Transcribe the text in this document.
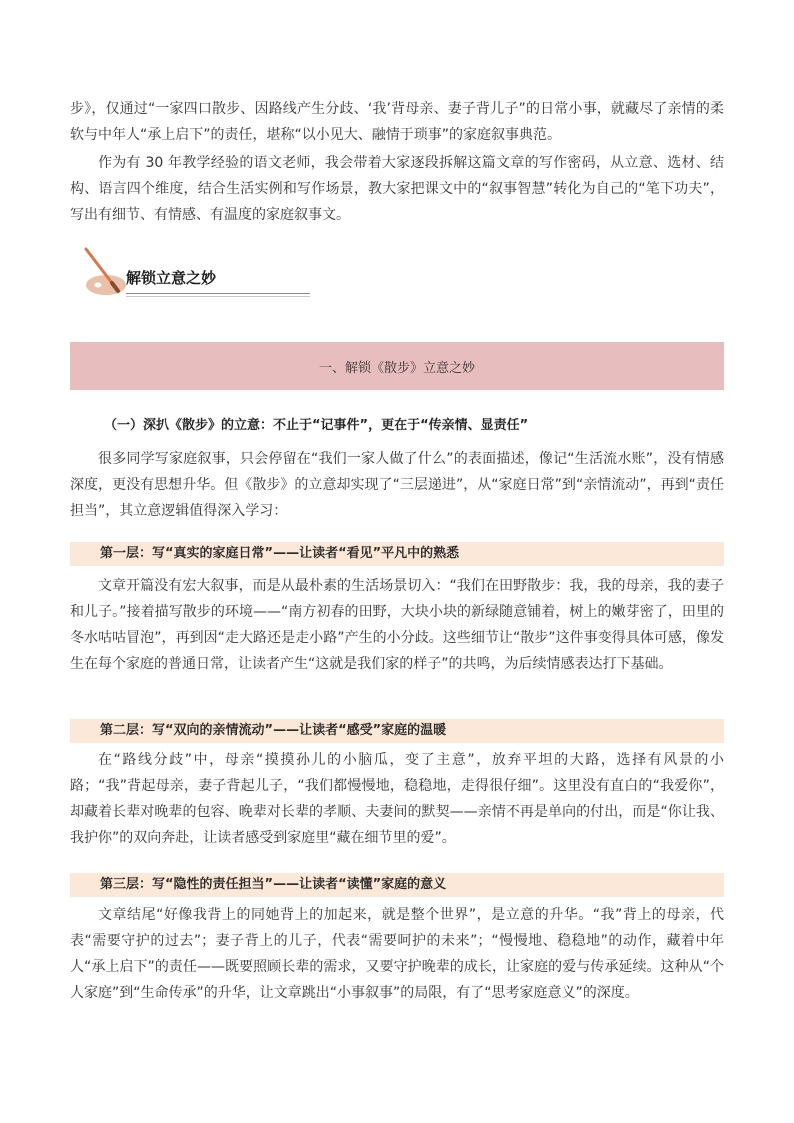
步》，仅通过“一家四口散步、因路线产生分歧、‘我’背母亲、妻子背儿子”的日常小事，就藏尽了亲情的柔软与中年人“承上启下”的责任，堪称“以小见大、融情于琐事”的家庭叙事典范。

作为有 30 年教学经验的语文老师，我会带着大家逐段拆解这篇文章的写作密码，从立意、选材、结构、语言四个维度，结合生活实例和写作场景，教大家把课文中的“叙事智慧”转化为自己的“笔下功夫”，写出有细节、有情感、有温度的家庭叙事文。

解锁立意之妙
一、解锁《散步》立意之妙
（一）深扒《散步》的立意：不止于“记事件”，更在于“传亲情、显责任”

很多同学写家庭叙事，只会停留在“我们一家人做了什么”的表面描述，像记“生活流水账”，没有情感深度，更没有思想升华。但《散步》的立意却实现了“三层递进”，从“家庭日常”到“亲情流动”，再到“责任担当”，其立意逻辑值得深入学习：

第一层：写“真实的家庭日常”——让读者“看见”平凡中的熟悉

文章开篇没有宏大叙事，而是从最朴素的生活场景切入：“我们在田野散步：我，我的母亲，我的妻子和儿子。”接着描写散步的环境——“南方初春的田野，大块小块的新绿随意铺着，树上的嫩芽密了，田里的冬水咕咕冒泡”，再到因“走大路还是走小路”产生的小分歧。这些细节让“散步”这件事变得具体可感，像发生在每个家庭的普通日常，让读者产生“这就是我们家的样子”的共鸣，为后续情感表达打下基础。

第二层：写“双向的亲情流动”——让读者“感受”家庭的温暖

在“路线分歧”中，母亲“摸摸孙儿的小脑瓜，变了主意”，放弃平坦的大路，选择有风景的小路；“我”背起母亲，妻子背起儿子，“我们都慢慢地，稳稳地，走得很仔细”。这里没有直白的“我爱你”，却藏着长辈对晚辈的包容、晚辈对长辈的孝顺、夫妻间的默契——亲情不再是单向的付出，而是“你让我、我护你”的双向奔赴，让读者感受到家庭里“藏在细节里的爱”。

第三层：写“隐性的责任担当”——让读者“读懂”家庭的意义

文章结尾“好像我背上的同她背上的加起来，就是整个世界”，是立意的升华。“我”背上的母亲，代表“需要守护的过去”；妻子背上的儿子，代表“需要呵护的未来”；“慢慢地、稳稳地”的动作，藏着中年人“承上启下”的责任——既要照顾长辈的需求，又要守护晚辈的成长，让家庭的爱与传承延续。这种从“个人家庭”到“生命传承”的升华，让文章跳出“小事叙事”的局限，有了“思考家庭意义”的深度。
